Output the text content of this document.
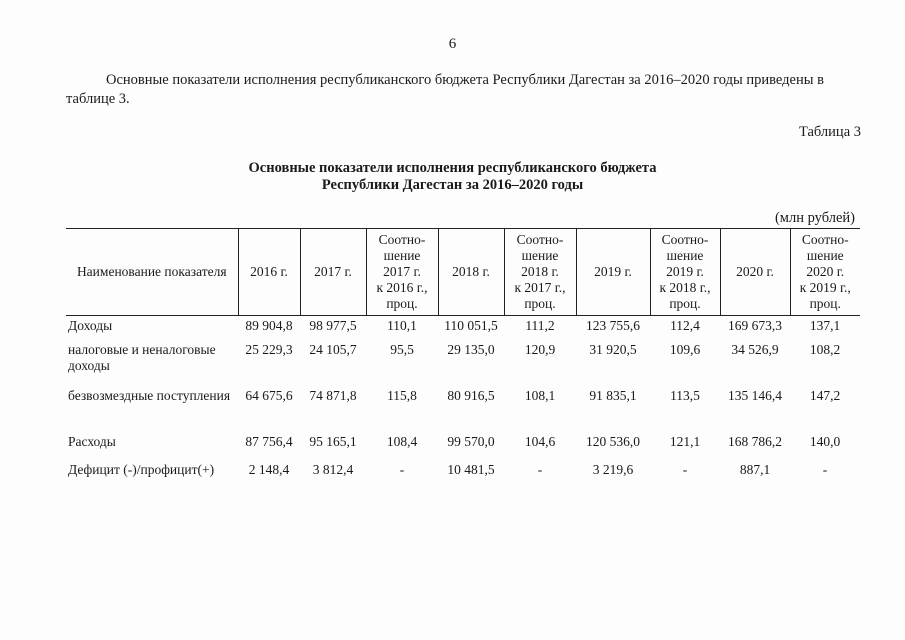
6
Основные показатели исполнения республиканского бюджета Республики Дагестан за 2016–2020 годы приведены в таблице 3.
Таблица 3
Основные показатели исполнения республиканского бюджета
Республики Дагестан за 2016–2020 годы
(млн рублей)
Наименование показателя	2016 г.	2017 г.	Соотно-
шение
2017 г.
к 2016 г.,
проц.	2018 г.	Соотно-
шение
2018 г.
к 2017 г.,
проц.	2019 г.	Соотно-
шение
2019 г.
к 2018 г.,
проц.	2020 г.	Соотно-
шение
2020 г.
к 2019 г.,
проц.
Доходы	89 904,8	98 977,5	110,1	110 051,5	111,2	123 755,6	112,4	169 673,3	137,1
налоговые и неналоговые доходы	25 229,3	24 105,7	95,5	29 135,0	120,9	31 920,5	109,6	34 526,9	108,2
безвозмездные поступления	64 675,6	74 871,8	115,8	80 916,5	108,1	91 835,1	113,5	135 146,4	147,2
Расходы	87 756,4	95 165,1	108,4	99 570,0	104,6	120 536,0	121,1	168 786,2	140,0
Дефицит (-)/профицит(+)	2 148,4	3 812,4	-	10 481,5	-	3 219,6	-	887,1	-
